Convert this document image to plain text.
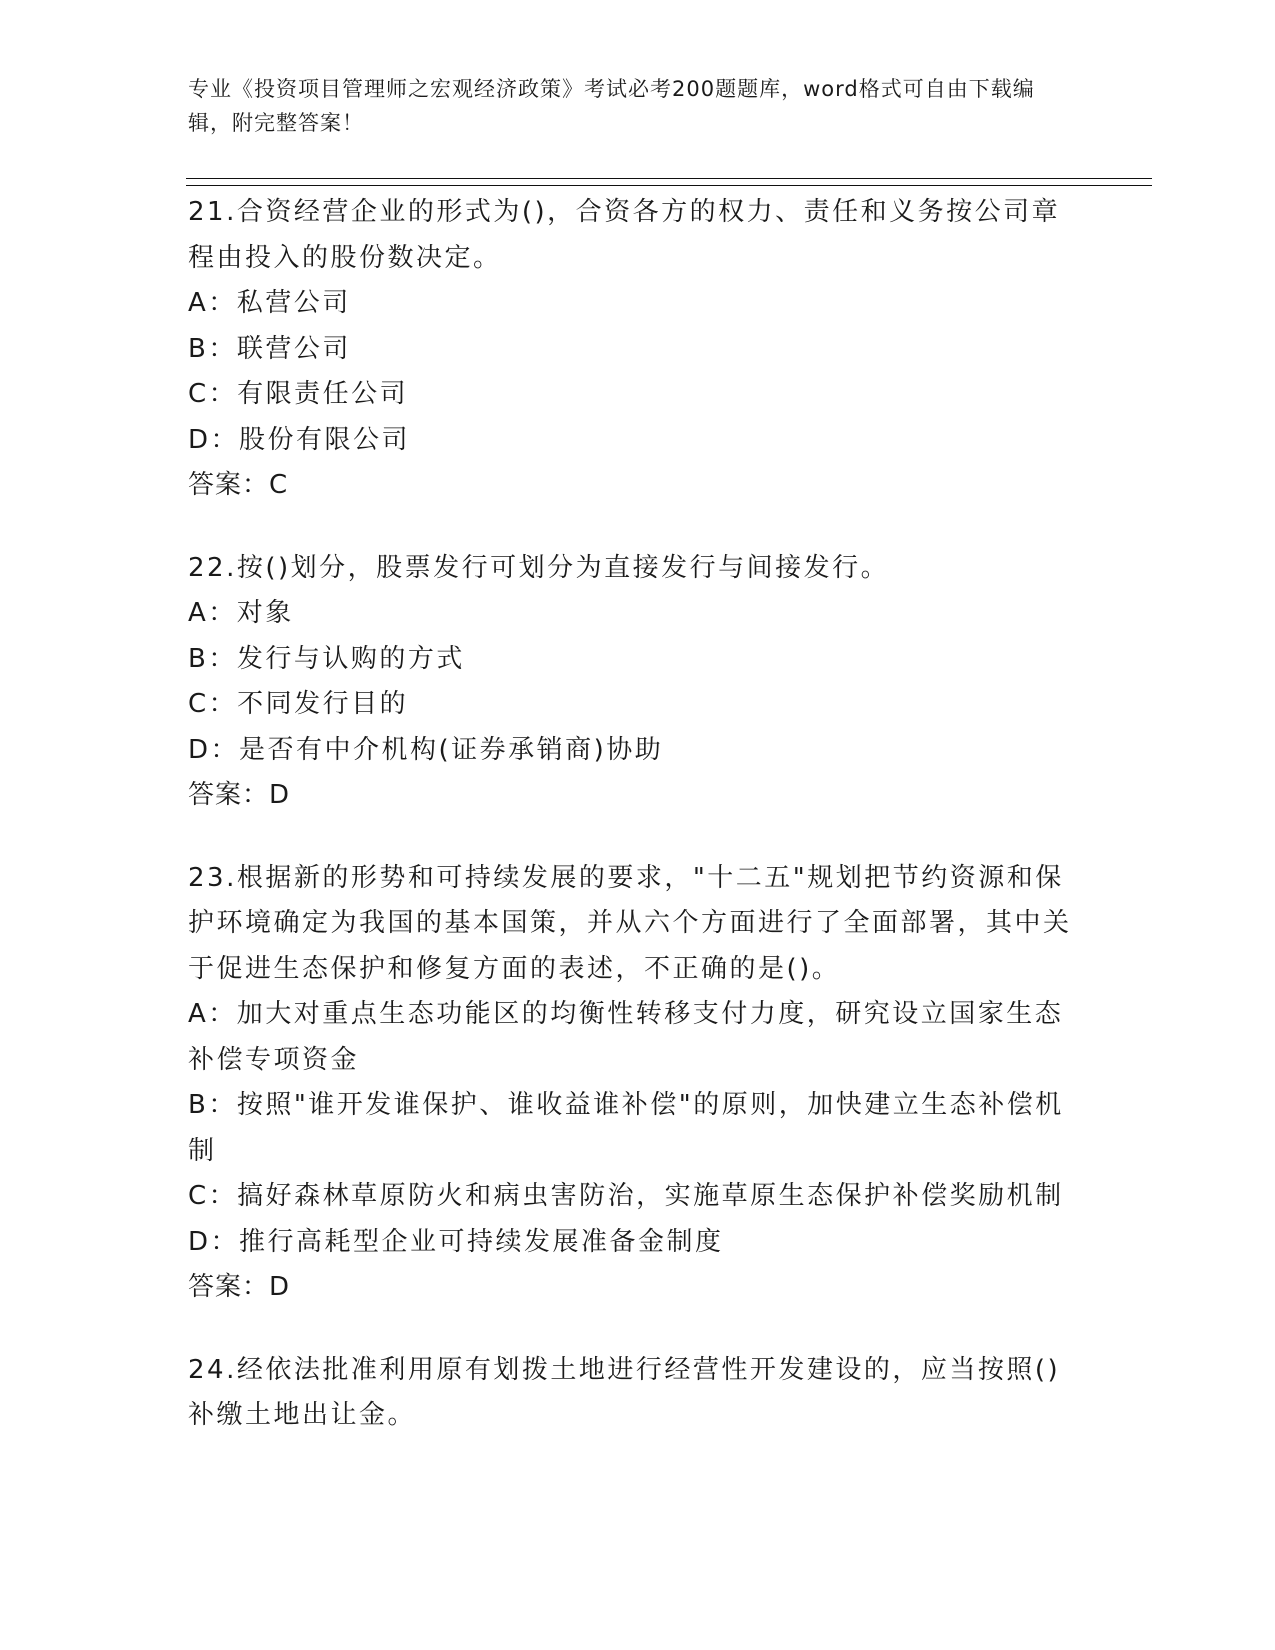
专业《投资项目管理师之宏观经济政策》考试必考200题题库，word格式可自由下载编辑，附完整答案！

21.合资经营企业的形式为()，合资各方的权力、责任和义务按公司章程由投入的股份数决定。

A：私营公司

B：联营公司

C：有限责任公司

D：股份有限公司

答案：C

22.按()划分，股票发行可划分为直接发行与间接发行。

A：对象

B：发行与认购的方式

C：不同发行目的

D：是否有中介机构(证券承销商)协助

答案：D

23.根据新的形势和可持续发展的要求，"十二五"规划把节约资源和保护环境确定为我国的基本国策，并从六个方面进行了全面部署，其中关于促进生态保护和修复方面的表述，不正确的是()。

A：加大对重点生态功能区的均衡性转移支付力度，研究设立国家生态补偿专项资金

B：按照"谁开发谁保护、谁收益谁补偿"的原则，加快建立生态补偿机制

C：搞好森林草原防火和病虫害防治，实施草原生态保护补偿奖励机制

D：推行高耗型企业可持续发展准备金制度

答案：D

24.经依法批准利用原有划拨土地进行经营性开发建设的，应当按照()补缴土地出让金。
